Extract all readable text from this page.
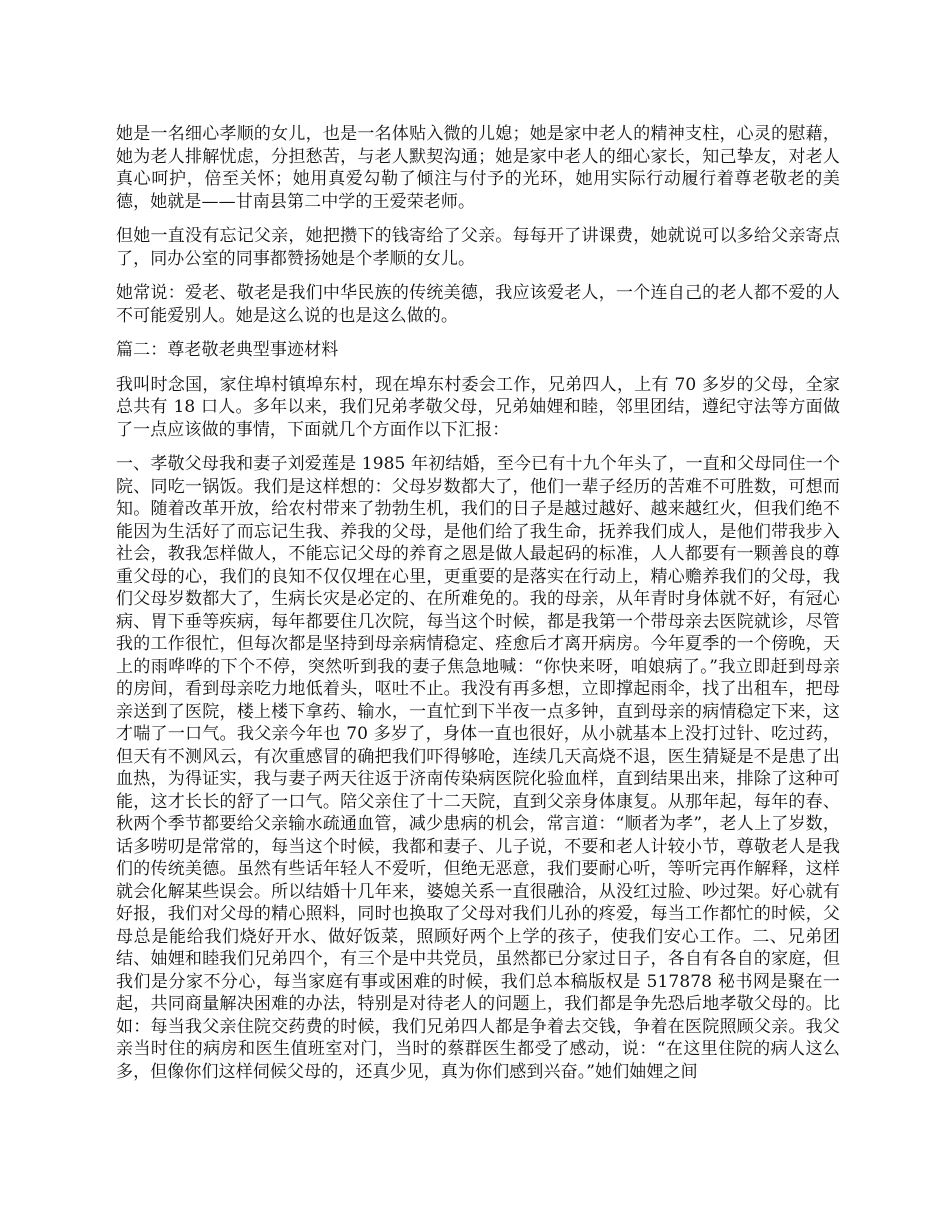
她是一名细心孝顺的女儿，也是一名体贴入微的儿媳；她是家中老人的精神支柱，心灵的慰藉，她为老人排解忧虑，分担愁苦，与老人默契沟通；她是家中老人的细心家长，知己挚友，对老人真心呵护，倍至关怀；她用真爱勾勒了倾注与付予的光环，她用实际行动履行着尊老敬老的美德，她就是——甘南县第二中学的王爱荣老师。

但她一直没有忘记父亲，她把攒下的钱寄给了父亲。每每开了讲课费，她就说可以多给父亲寄点了，同办公室的同事都赞扬她是个孝顺的女儿。

她常说：爱老、敬老是我们中华民族的传统美德，我应该爱老人，一个连自己的老人都不爱的人不可能爱别人。她是这么说的也是这么做的。

篇二：尊老敬老典型事迹材料

我叫时念国，家住埠村镇埠东村，现在埠东村委会工作，兄弟四人，上有 70 多岁的父母，全家总共有 18 口人。多年以来，我们兄弟孝敬父母，兄弟妯娌和睦，邻里团结，遵纪守法等方面做了一点应该做的事情，下面就几个方面作以下汇报：

一、孝敬父母我和妻子刘爱莲是 1985 年初结婚，至今已有十九个年头了，一直和父母同住一个院、同吃一锅饭。我们是这样想的：父母岁数都大了，他们一辈子经历的苦难不可胜数，可想而知。随着改革开放，给农村带来了勃勃生机，我们的日子是越过越好、越来越红火，但我们绝不能因为生活好了而忘记生我、养我的父母，是他们给了我生命，抚养我们成人，是他们带我步入社会，教我怎样做人，不能忘记父母的养育之恩是做人最起码的标准，人人都要有一颗善良的尊重父母的心，我们的良知不仅仅埋在心里，更重要的是落实在行动上，精心赡养我们的父母，我们父母岁数都大了，生病长灾是必定的、在所难免的。我的母亲，从年青时身体就不好，有冠心病、胃下垂等疾病，每年都要住几次院，每当这个时候，都是我第一个带母亲去医院就诊，尽管我的工作很忙，但每次都是坚持到母亲病情稳定、痊愈后才离开病房。今年夏季的一个傍晚，天上的雨哗哗的下个不停，突然听到我的妻子焦急地喊：“你快来呀，咱娘病了。”我立即赶到母亲的房间，看到母亲吃力地低着头，呕吐不止。我没有再多想，立即撑起雨伞，找了出租车，把母亲送到了医院，楼上楼下拿药、输水，一直忙到下半夜一点多钟，直到母亲的病情稳定下来，这才喘了一口气。我父亲今年也 70 多岁了，身体一直也很好，从小就基本上没打过针、吃过药，但天有不测风云，有次重感冒的确把我们吓得够呛，连续几天高烧不退，医生猜疑是不是患了出血热，为得证实，我与妻子两天往返于济南传染病医院化验血样，直到结果出来，排除了这种可能，这才长长的舒了一口气。陪父亲住了十二天院，直到父亲身体康复。从那年起，每年的春、秋两个季节都要给父亲输水疏通血管，减少患病的机会，常言道：“顺者为孝”，老人上了岁数，话多唠叨是常常的，每当这个时候，我都和妻子、儿子说，不要和老人计较小节，尊敬老人是我们的传统美德。虽然有些话年轻人不爱听，但绝无恶意，我们要耐心听，等听完再作解释，这样就会化解某些误会。所以结婚十几年来，婆媳关系一直很融洽，从没红过脸、吵过架。好心就有好报，我们对父母的精心照料，同时也换取了父母对我们儿孙的疼爱，每当工作都忙的时候，父母总是能给我们烧好开水、做好饭菜，照顾好两个上学的孩子，使我们安心工作。二、兄弟团结、妯娌和睦我们兄弟四个，有三个是中共党员，虽然都已分家过日子，各自有各自的家庭，但我们是分家不分心，每当家庭有事或困难的时候，我们总本稿版权是 517878 秘书网是聚在一起，共同商量解决困难的办法，特别是对待老人的问题上，我们都是争先恐后地孝敬父母的。比如：每当我父亲住院交药费的时候，我们兄弟四人都是争着去交钱，争着在医院照顾父亲。我父亲当时住的病房和医生值班室对门，当时的蔡群医生都受了感动，说：“在这里住院的病人这么多，但像你们这样伺候父母的，还真少见，真为你们感到兴奋。”她们妯娌之间
